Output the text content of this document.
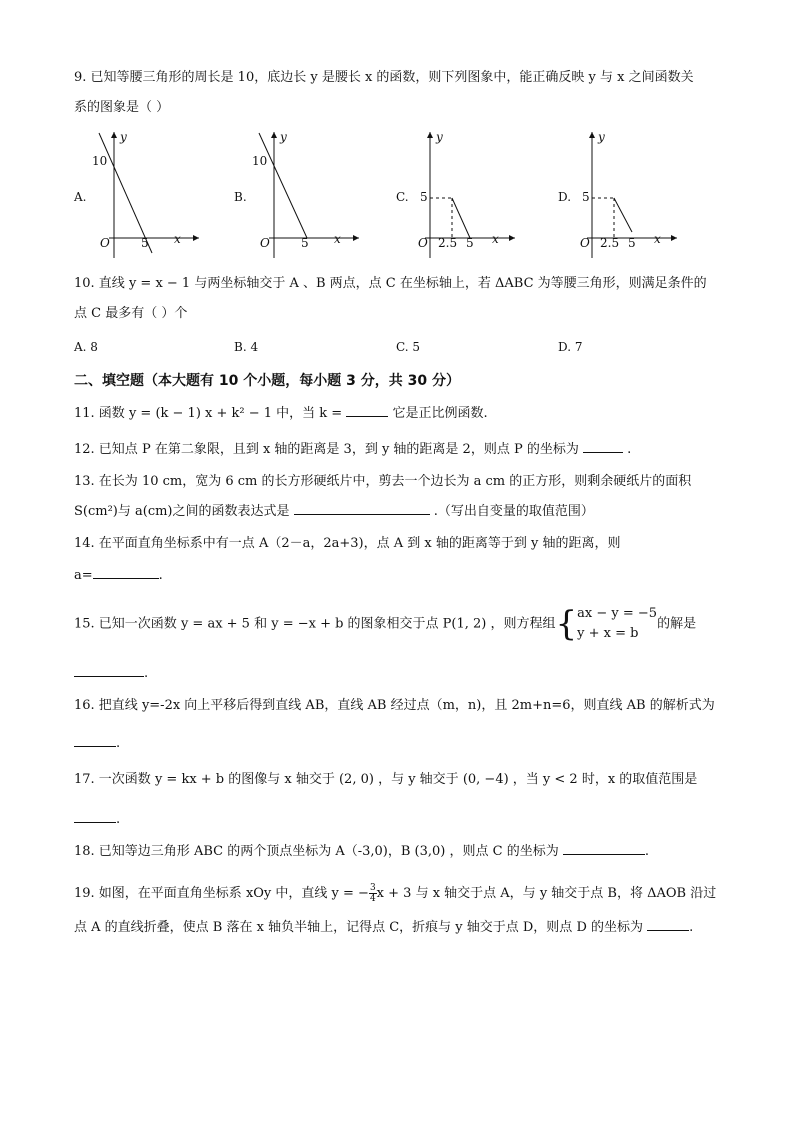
9. 已知等腰三角形的周长是 10，底边长 y 是腰长 x 的函数，则下列图象中，能正确反映 y 与 x 之间函数关
系的图象是（ ）
A.
y
10
O	5 x
B.
y
10
O	5 x
C.
y
5
O 2.5 5 x
D.
y
5
O 2.5 5 x
10. 直线 y = x − 1 与两坐标轴交于 A 、B 两点，点 C 在坐标轴上，若 ΔABC 为等腰三角形，则满足条件的
点 C 最多有（ ）个
A. 8	B. 4	C. 5	D. 7
二、填空题（本大题有 10 个小题，每小题 3 分，共 30 分）
11. 函数 y = (k − 1) x + k² − 1 中，当 k =	它是正比例函数.
12. 已知点 P 在第二象限，且到 x 轴的距离是 3，到 y 轴的距离是 2，则点 P 的坐标为	.
13. 在长为 10 cm，宽为 6 cm 的长方形硬纸片中，剪去一个边长为 a cm 的正方形，则剩余硬纸片的面积
S(cm²)与 a(cm)之间的函数表达式是	.（写出自变量的取值范围）
14. 在平面直角坐标系中有一点 A（2－a，2a+3)，点 A 到 x 轴的距离等于到 y 轴的距离，则
a=	.
15. 已知一次函数 y = ax + 5 和 y = −x + b 的图象相交于点 P(1, 2) ，则方程组{ ax − y = −5
y + x = b
的解是
.
16. 把直线 y=-2x 向上平移后得到直线 AB，直线 AB 经过点（m，n)，且 2m+n=6，则直线 AB 的解析式为
.
17. 一次函数 y = kx + b 的图像与 x 轴交于 (2, 0) ，与 y 轴交于 (0, −4) ，当 y < 2 时，x 的取值范围是
.
18. 已知等边三角形 ABC 的两个顶点坐标为 A（-3,0)，B (3,0) ，则点 C 的坐标为	.
19. 如图，在平面直角坐标系 xOy 中，直线 y = − $\frac{3}{4}$ x + 3 与 x 轴交于点 A，与 y 轴交于点 B，将 ΔAOB 沿过
点 A 的直线折叠，使点 B 落在 x 轴负半轴上，记得点 C，折痕与 y 轴交于点 D，则点 D 的坐标为	.
